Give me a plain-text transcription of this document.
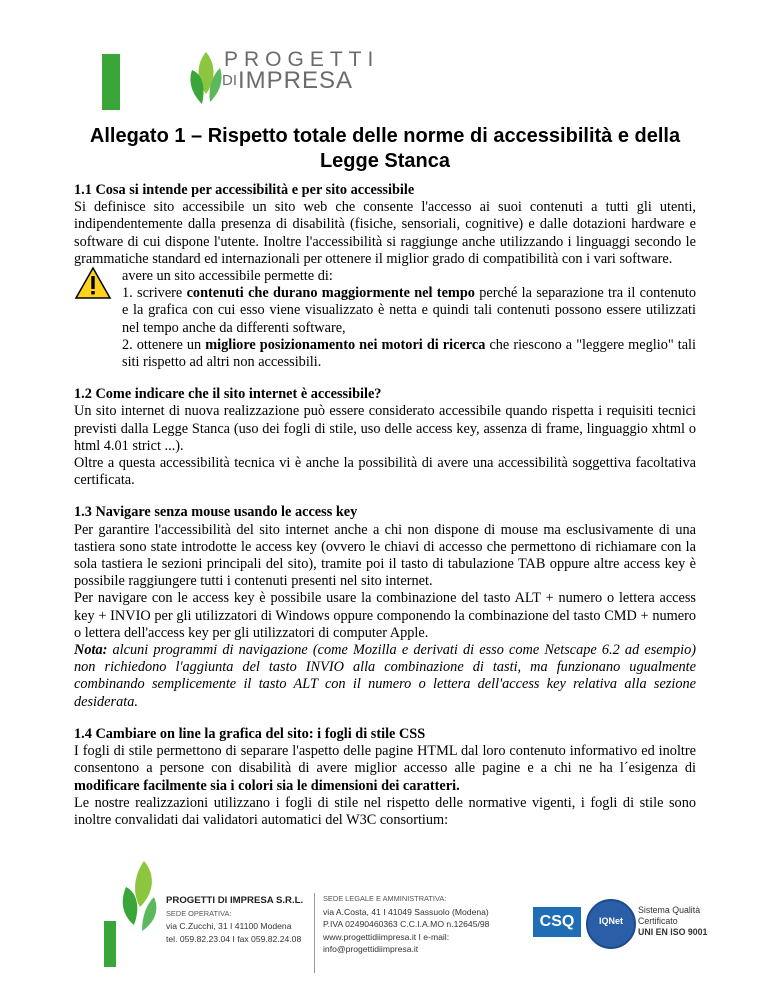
PROGETTI
DI IMPRESA
Allegato 1 – Rispetto totale delle norme di accessibilità e della Legge Stanca
1.1 Cosa si intende per accessibilità e per sito accessibile

Si definisce sito accessibile un sito web che consente l'accesso ai suoi contenuti a tutti gli utenti, indipendentemente dalla presenza di disabilità (fisiche, sensoriali, cognitive) e dalle dotazioni hardware e software di cui dispone l'utente. Inoltre l'accessibilità si raggiunge anche utilizzando i linguaggi secondo le grammatiche standard ed internazionali per ottenere il miglior grado di compatibilità con i vari software.

avere un sito accessibile permette di:

1. scrivere contenuti che durano maggiormente nel tempo perché la separazione tra il contenuto e la grafica con cui esso viene visualizzato è netta e quindi tali contenuti possono essere utilizzati nel tempo anche da differenti software,

2. ottenere un migliore posizionamento nei motori di ricerca che riescono a "leggere meglio" tali siti rispetto ad altri non accessibili.

1.2 Come indicare che il sito internet è accessibile?

Un sito internet di nuova realizzazione può essere considerato accessibile quando rispetta i requisiti tecnici previsti dalla Legge Stanca (uso dei fogli di stile, uso delle access key, assenza di frame, linguaggio xhtml o html 4.01 strict ...).

Oltre a questa accessibilità tecnica vi è anche la possibilità di avere una accessibilità soggettiva facoltativa certificata.

1.3 Navigare senza mouse usando le access key

Per garantire l'accessibilità del sito internet anche a chi non dispone di mouse ma esclusivamente di una tastiera sono state introdotte le access key (ovvero le chiavi di accesso che permettono di richiamare con la sola tastiera le sezioni principali del sito), tramite poi il tasto di tabulazione TAB oppure altre access key è possibile raggiungere tutti i contenuti presenti nel sito internet.

Per navigare con le access key è possibile usare la combinazione del tasto ALT + numero o lettera access key + INVIO per gli utilizzatori di Windows oppure componendo la combinazione del tasto CMD + numero o lettera dell'access key per gli utilizzatori di computer Apple.

Nota: alcuni programmi di navigazione (come Mozilla e derivati di esso come Netscape 6.2 ad esempio) non richiedono l'aggiunta del tasto INVIO alla combinazione di tasti, ma funzionano ugualmente combinando semplicemente il tasto ALT con il numero o lettera dell'access key relativa alla sezione desiderata.

1.4 Cambiare on line la grafica del sito: i fogli di stile CSS

I fogli di stile permettono di separare l'aspetto delle pagine HTML dal loro contenuto informativo ed inoltre consentono a persone con disabilità di avere miglior accesso alle pagine e a chi ne ha l´esigenza di modificare facilmente sia i colori sia le dimensioni dei caratteri.

Le nostre realizzazioni utilizzano i fogli di stile nel rispetto delle normative vigenti, i fogli di stile sono inoltre convalidati dai validatori automatici del W3C consortium:

PROGETTI DI IMPRESA S.R.L.
SEDE OPERATIVA:
via C.Zucchi, 31 I 41100 Modena
tel. 059.82.23.04 I fax 059.82.24.08
SEDE LEGALE E AMMINISTRATIVA:
via A.Costa, 41 I 41049 Sassuolo (Modena)
P.IVA 02490460363 C.C.I.A.MO n.12645/98
www.progettidiimpresa.it I e-mail: info@progettidiimpresa.it
CSQ	IQNet
Sistema Qualità
Certificato
UNI EN ISO 9001
